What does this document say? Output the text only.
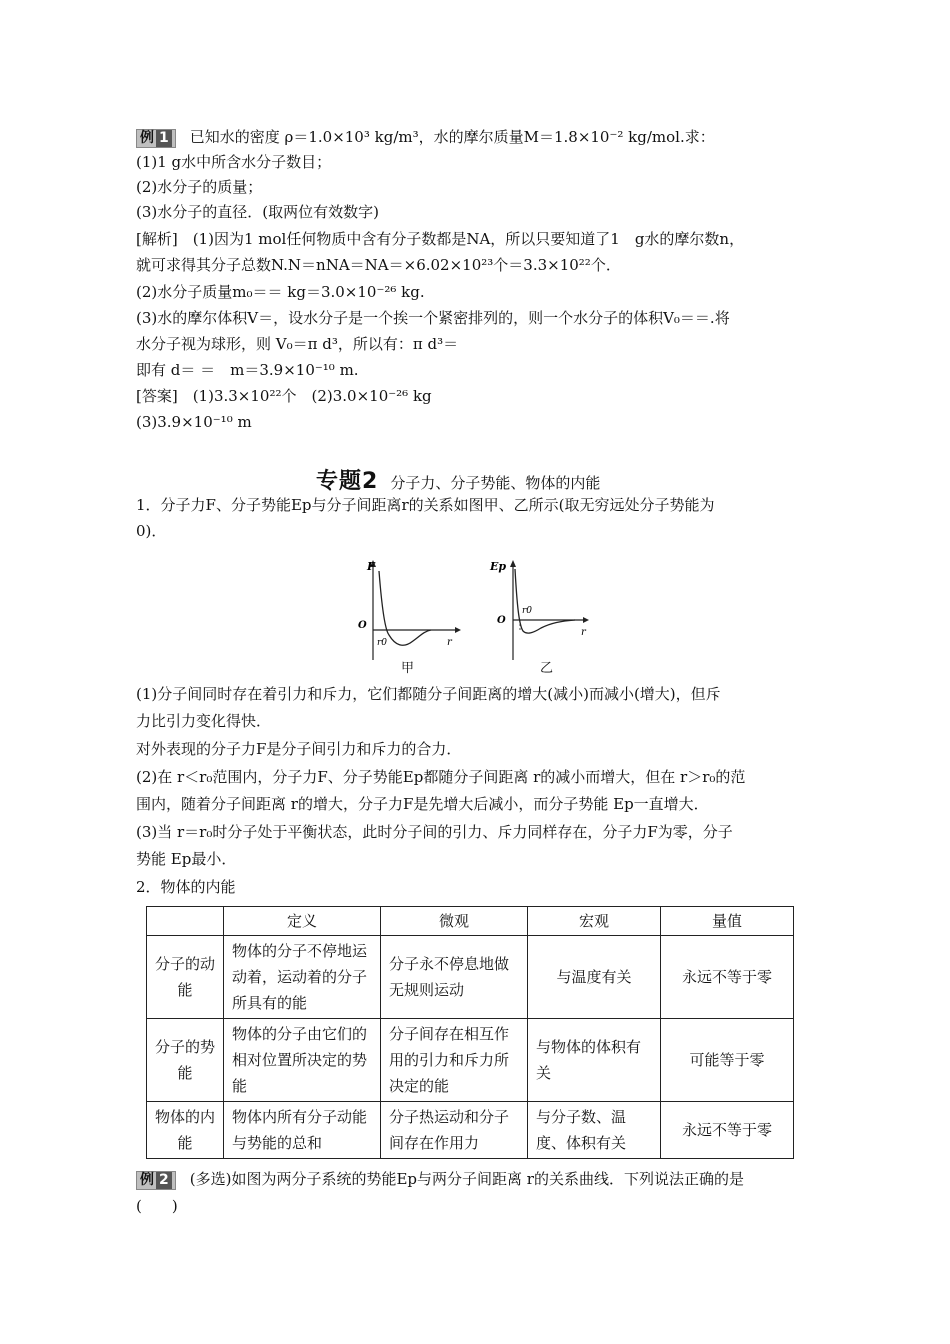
例 1 已知水的密度 ρ＝1.0×10³ kg/m³，水的摩尔质量M＝1.8×10⁻² kg/mol.求：
(1)1 g水中所含水分子数目；
(2)水分子的质量；
(3)水分子的直径．(取两位有效数字)
[解析]　(1)因为1 mol任何物质中含有分子数都是NA，所以只要知道了1　g水的摩尔数n，
就可求得其分子总数N.N＝nNA＝NA＝×6.02×10²³个＝3.3×10²²个．
(2)水分子质量m₀＝＝ kg＝3.0×10⁻²⁶ kg.
(3)水的摩尔体积V＝，设水分子是一个挨一个紧密排列的，则一个水分子的体积V₀＝＝.将
水分子视为球形，则 V₀＝π d³，所以有：π d³＝
即有 d＝ ＝　m＝3.9×10⁻¹⁰ m.
[答案]　(1)3.3×10²²个　(2)3.0×10⁻²⁶ kg
(3)3.9×10⁻¹⁰ m
专题2 分子力、分子势能、物体的内能
1．分子力F、分子势能Ep与分子间距离r的关系如图甲、乙所示(取无穷远处分子势能为
0)．
F
O
r0	r
Ep
O
r0
r
甲	乙
(1)分子间同时存在着引力和斥力，它们都随分子间距离的增大(减小)而减小(增大)，但斥
力比引力变化得快．
对外表现的分子力F是分子间引力和斥力的合力．
(2)在 r＜r₀范围内，分子力F、分子势能Ep都随分子间距离 r的减小而增大，但在 r＞r₀的范
围内，随着分子间距离 r的增大，分子力F是先增大后减小，而分子势能 Ep一直增大．
(3)当 r＝r₀时分子处于平衡状态，此时分子间的引力、斥力同样存在，分子力F为零，分子
势能 Ep最小．
2．物体的内能
	定义	微观	宏观	量值
分子的动能	物体的分子不停地运动着，运动着的分子所具有的能	分子永不停息地做无规则运动	与温度有关	永远不等于零
分子的势能	物体的分子由它们的相对位置所决定的势能	分子间存在相互作用的引力和斥力所决定的能	与物体的体积有关	可能等于零
物体的内能	物体内所有分子动能与势能的总和	分子热运动和分子间存在作用力	与分子数、温度、体积有关	永远不等于零
例 2 (多选)如图为两分子系统的势能Ep与两分子间距离 r的关系曲线．下列说法正确的是
(　　)
